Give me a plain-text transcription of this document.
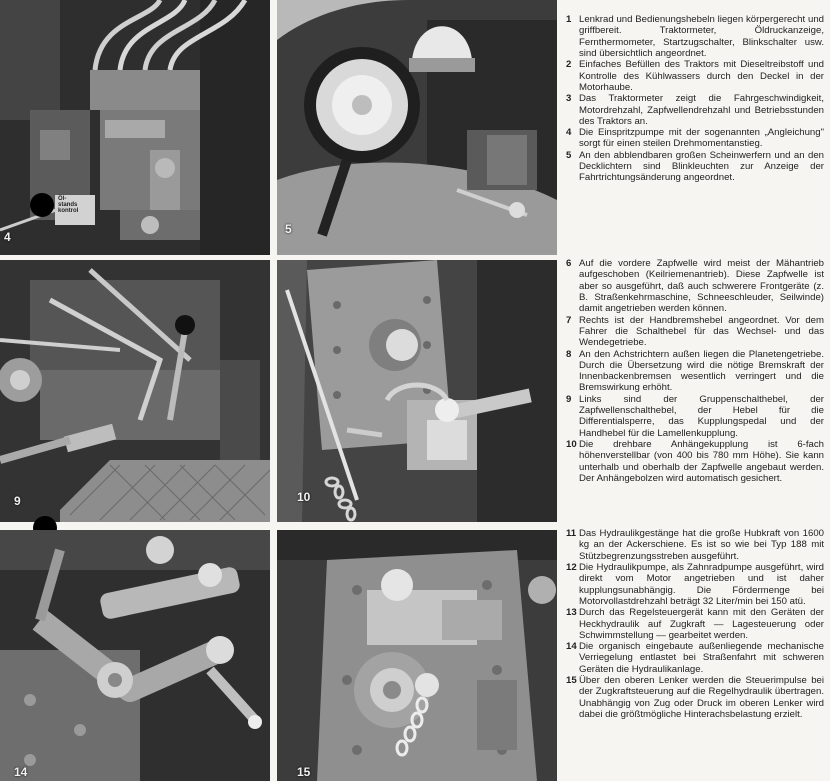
Öl-
stands
kontrol
4
5
9	10
14	15
1 Lenkrad und Bedienungshebeln liegen körpergerecht und griffbereit. Traktormeter, Öldruckanzeige, Fernthermometer, Startzugschalter, Blinkschalter usw. sind übersichtlich angeordnet.
2 Einfaches Befüllen des Traktors mit Dieseltreibstoff und Kontrolle des Kühlwassers durch den Deckel in der Motorhaube.
3 Das Traktormeter zeigt die Fahrgeschwindigkeit, Motordrehzahl, Zapfwellendrehzahl und Betriebsstunden des Traktors an.
4 Die Einspritzpumpe mit der sogenannten „Angleichung" sorgt für einen steilen Drehmomentanstieg.
5 An den abblendbaren großen Scheinwerfern und an den Decklichtern sind Blinkleuchten zur Anzeige der Fahrtrichtungsänderung angeordnet.
6 Auf die vordere Zapfwelle wird meist der Mähantrieb aufgeschoben (Keilriemenantrieb). Diese Zapfwelle ist aber so ausgeführt, daß auch schwerere Frontgeräte (z. B. Straßenkehrmaschine, Schneeschleuder, Seilwinde) damit angetrieben werden können.
7 Rechts ist der Handbremshebel angeordnet. Vor dem Fahrer die Schalthebel für das Wechsel- und das Wendegetriebe.
8 An den Achstrichtern außen liegen die Planetengetriebe. Durch die Übersetzung wird die nötige Bremskraft der Innenbackenbremsen wesentlich verringert und die Bremswirkung erhöht.
9 Links sind der Gruppenschalthebel, der Zapfwellenschalthebel, der Hebel für die Differentialsperre, das Kupplungspedal und der Handhebel für die Lamellenkupplung.
10 Die drehbare Anhängekupplung ist 6-fach höhenverstellbar (von 400 bis 780 mm Höhe). Sie kann unterhalb und oberhalb der Zapfwelle angebaut werden. Der Anhängebolzen wird automatisch gesichert.
11 Das Hydraulikgestänge hat die große Hubkraft von 1600 kg an der Ackerschiene. Es ist so wie bei Typ 188 mit Stützbegrenzungsstreben ausgeführt.
12 Die Hydraulikpumpe, als Zahnradpumpe ausgeführt, wird direkt vom Motor angetrieben und ist daher kupplungsunabhängig. Die Fördermenge bei Motorvollastdrehzahl beträgt 32 Liter/min bei 150 atü.
13 Durch das Regelsteuergerät kann mit den Geräten der Heckhydraulik auf Zugkraft — Lagesteuerung oder Schwimmstellung — gearbeitet werden.
14 Die organisch eingebaute außenliegende mechanische Verriegelung entlastet bei Straßenfahrt mit schweren Geräten die Hydraulikanlage.
15 Über den oberen Lenker werden die Steuerimpulse bei der Zugkraftsteuerung auf die Regelhydraulik übertragen. Unabhängig von Zug oder Druck im oberen Lenker wird dabei die größtmögliche Hinterachsbelastung erzielt.
